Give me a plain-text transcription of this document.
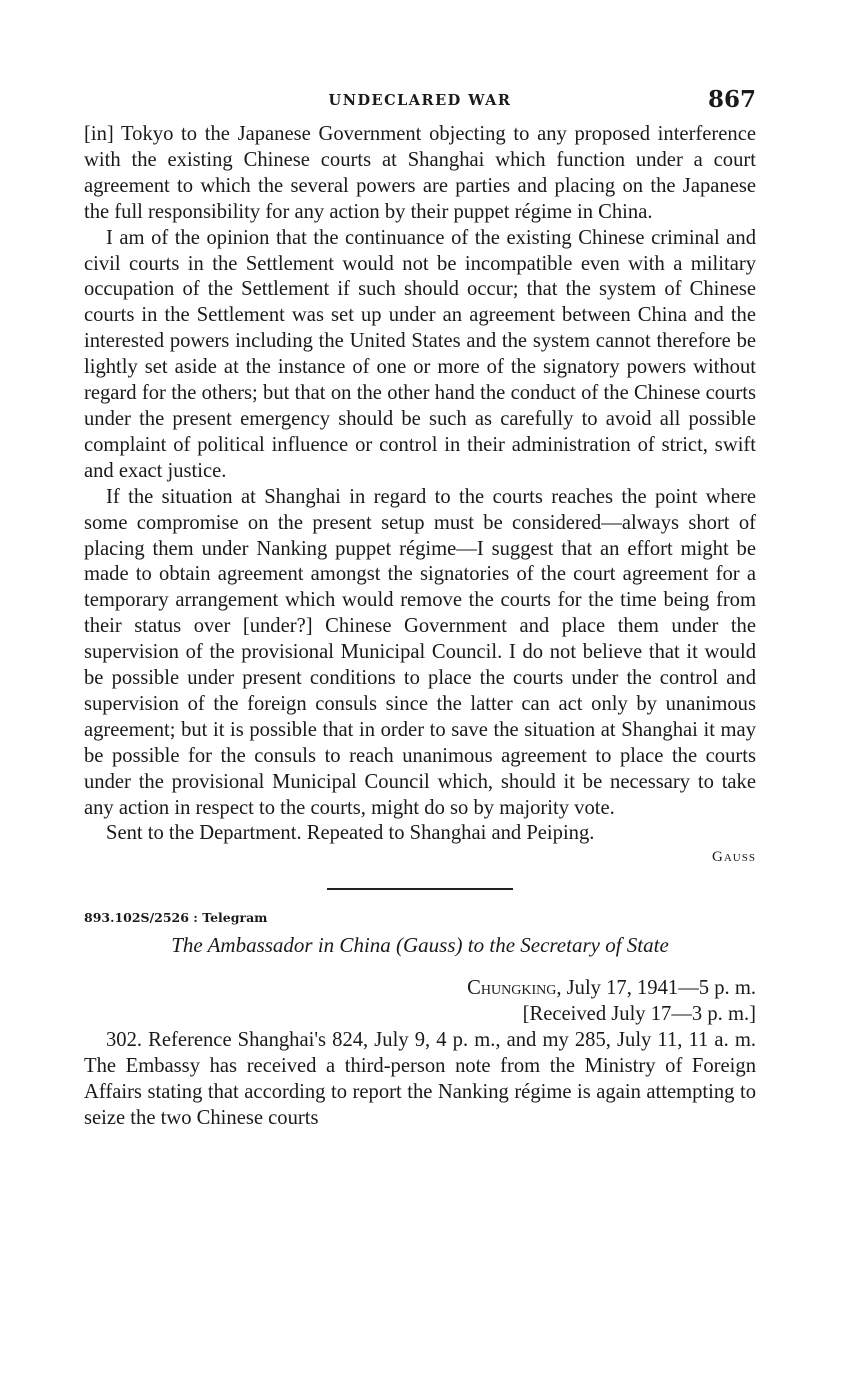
UNDECLARED WAR	867

[in] Tokyo to the Japanese Government objecting to any proposed interference with the existing Chinese courts at Shanghai which function under a court agreement to which the several powers are parties and placing on the Japanese the full responsibility for any action by their puppet régime in China.

I am of the opinion that the continuance of the existing Chinese criminal and civil courts in the Settlement would not be incompatible even with a military occupation of the Settlement if such should occur; that the system of Chinese courts in the Settlement was set up under an agreement between China and the interested powers including the United States and the system cannot therefore be lightly set aside at the instance of one or more of the signatory powers without regard for the others; but that on the other hand the conduct of the Chinese courts under the present emergency should be such as carefully to avoid all possible complaint of political influence or control in their administration of strict, swift and exact justice.

If the situation at Shanghai in regard to the courts reaches the point where some compromise on the present setup must be considered—always short of placing them under Nanking puppet régime—I suggest that an effort might be made to obtain agreement amongst the signatories of the court agreement for a temporary arrangement which would remove the courts for the time being from their status over [under?] Chinese Government and place them under the supervision of the provisional Municipal Council. I do not believe that it would be possible under present conditions to place the courts under the control and supervision of the foreign consuls since the latter can act only by unanimous agreement; but it is possible that in order to save the situation at Shanghai it may be possible for the consuls to reach unanimous agreement to place the courts under the provisional Municipal Council which, should it be necessary to take any action in respect to the courts, might do so by majority vote.

Sent to the Department. Repeated to Shanghai and Peiping.

Gauss
893.102S/2526 : Telegram
The Ambassador in China (Gauss) to the Secretary of State
Chungking, July 17, 1941—5 p. m.
[Received July 17—3 p. m.]

302. Reference Shanghai's 824, July 9, 4 p. m., and my 285, July 11, 11 a. m. The Embassy has received a third-person note from the Ministry of Foreign Affairs stating that according to report the Nanking régime is again attempting to seize the two Chinese courts
